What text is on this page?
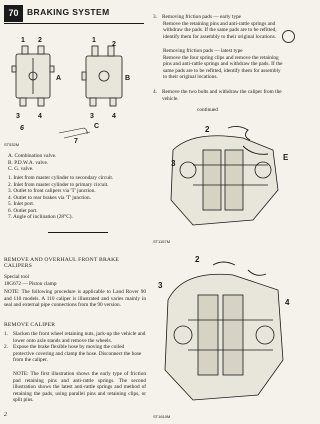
70	BRAKING SYSTEM
1 2	1
2
A	B
3	4	3	4
6	C
7
ST532M
A. Combination valve.
B. P.D.W.A. valve.
C. G. valve.
1. Inlet from master cylinder to secondary circuit.
2. Inlet from master cylinder to primary circuit.
3. Outlet to front calipers via 'T' junction.
4. Outlet to rear brakes via 'T' junction.
5. Inlet port.
6. Outlet port.
7. Angle of inclination (28°C).
REMOVE AND OVERHAUL FRONT BRAKE
CALIPERS
Special tool
18G672 — Piston clamp
NOTE: The following procedure is applicable to Land Rover 90 and 110 models. A 110 caliper is illustrated and varies mainly in seal and external pipe connections from the 90 version.
REMOVE CALIPER
1. Slacken the front wheel retaining nuts, jack-up the vehicle and lower onto axle stands and remove the wheels.
2. Expose the brake flexible hose by moving the coiled protective covering and clamp the hose. Disconnect the hose from the caliper.
NOTE: The first illustration shows the early type of friction pad retaining pins and anti-rattle springs. The second illustration shows the latest anti-rattle springs and method of retaining the pads, using parallel pins and retaining clips, or split pins.
2
3. Removing friction pads — early type
Remove the retaining pins and anti-rattle springs and withdraw the pads. If the same pads are to be refitted, identify them for assembly to their original locations.
Removing friction pads — latest type
Remove the four spring clips and remove the retaining pins and anti-rattle springs and withdraw the pads. If the same pads are to be refitted, identify them for assembly to their original locations.
4. Remove the two bolts and withdraw the caliper from the vehicle.
continued
2
3
E
ST1157M
2
3
4
ST1610M
